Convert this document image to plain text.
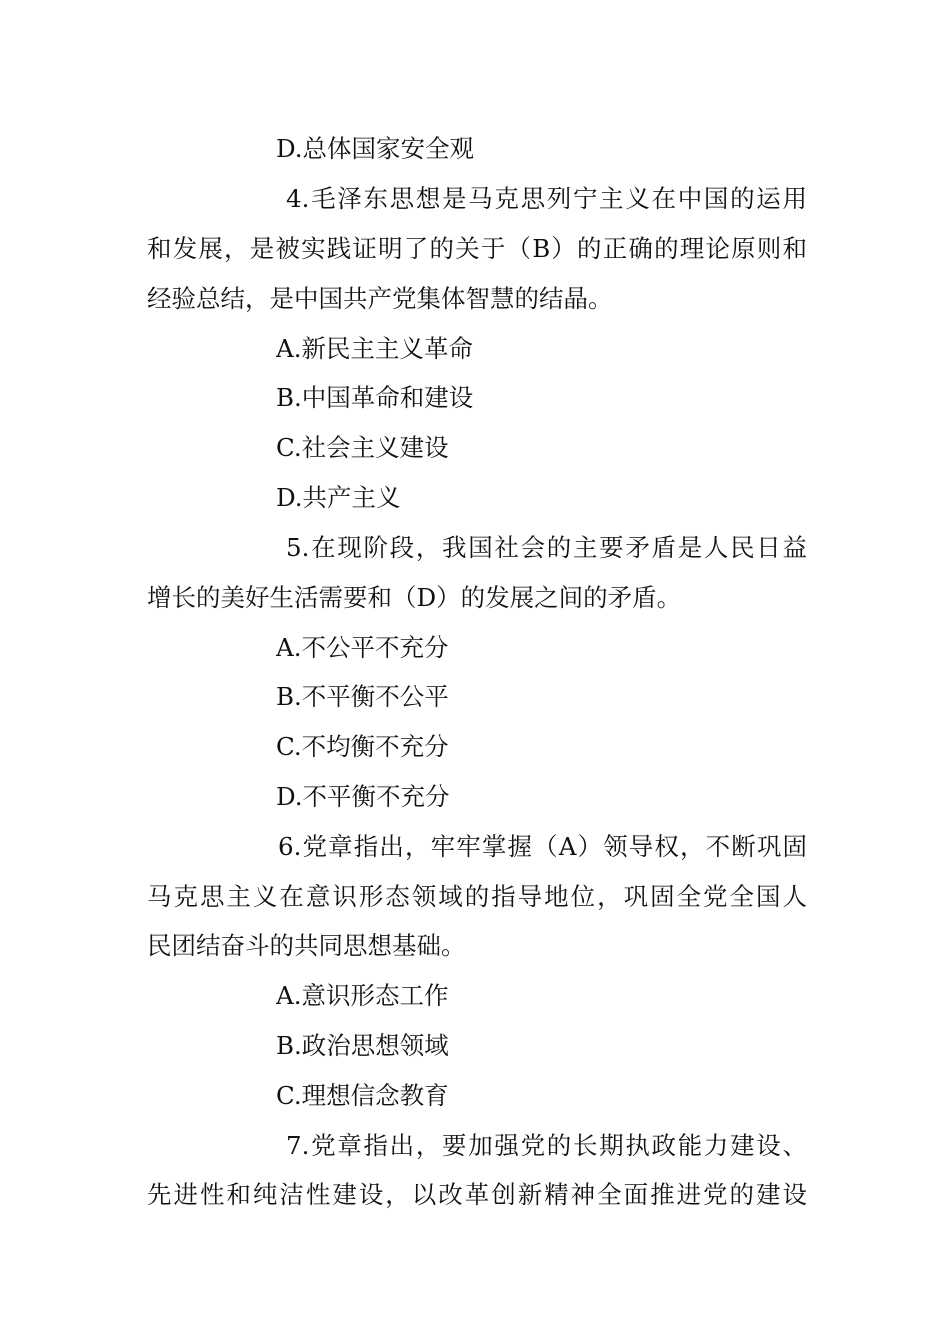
D.总体国家安全观
4.毛泽东思想是马克思列宁主义在中国的运用
和发展，是被实践证明了的关于（B）的正确的理论原则和
经验总结，是中国共产党集体智慧的结晶。
A.新民主主义革命
B.中国革命和建设
C.社会主义建设
D.共产主义
5.在现阶段，我国社会的主要矛盾是人民日益
增长的美好生活需要和（D）的发展之间的矛盾。
A.不公平不充分
B.不平衡不公平
C.不均衡不充分
D.不平衡不充分
6.党章指出，牢牢掌握（A）领导权，不断巩固
马克思主义在意识形态领域的指导地位，巩固全党全国人
民团结奋斗的共同思想基础。
A.意识形态工作
B.政治思想领域
C.理想信念教育
7.党章指出，要加强党的长期执政能力建设、
先进性和纯洁性建设，以改革创新精神全面推进党的建设
